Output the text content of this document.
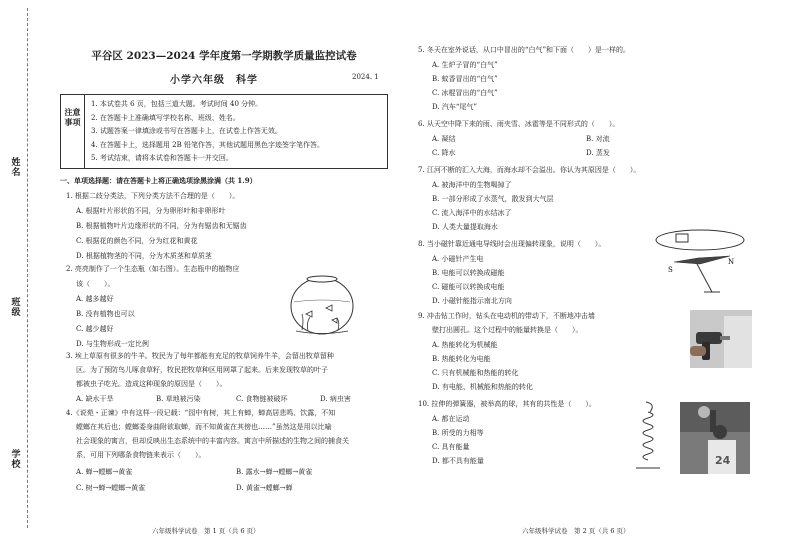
姓名
班级
学校
平谷区 2023—2024 学年度第一学期教学质量监控试卷
小学六年级　科学	2024. 1
注意事项
1. 本试卷共 6 页，包括三道大题。考试时间 40 分钟。
2. 在答题卡上准确填写学校名称、班级、姓名。
3. 试题答案一律填涂或书写在答题卡上，在试卷上作答无效。
4. 在答题卡上，选择题用 2B 铅笔作答，其他试题用黑色字迹签字笔作答。
5. 考试结束，请将本试卷和答题卡一并交回。
一、单项选择题：请在答题卡上将正确选项涂黑涂满（共 1.9）
1. 根据二歧分类法，下列分类方法不合理的是（　　）。
A. 根据叶片形状的不同，分为卵形叶和非卵形叶
B. 根据植物叶片边缘形状的不同，分为有锯齿和无锯齿
C. 根据花的颜色不同，分为红花和黄花
D. 根据植物茎的不同，分为木质茎和草质茎
2. 亮亮制作了一个生态瓶（如右图）。生态瓶中的植物应
该（　　）。
A. 越多越好
B. 没有植物也可以
C. 越少越好
D. 与生物形成一定比例
3. 埃上草原有很多的牛羊。牧民为了每年都能有充足的牧草饲养牛羊，会留出牧草留种
区。为了预防鸟儿啄食草籽，牧民把牧草种区用网罩了起来。后来发现牧草的叶子
都被虫子吃光。造成这种现象的原因是（　　）。
A. 缺水干旱	B. 草地被污染	C. 食物链被破坏	D. 病虫害
4.《说苑・正谏》中有这样一段记载：“园中有树，其上有蝉，蝉高居悲鸣、饮露，不知
螳螂在其后也；螳螂委身曲附欲取蝉，而不知黄雀在其傍也……”虽然这是用以比喻
社会现象的寓言，但却反映出生态系统中的丰富内容。寓言中所描述的生物之间的捕食关
系，可用下列哪条食物链来表示（　　）。
A. 蝉→螳螂→黄雀	B. 露水→蝉→螳螂→黄雀
C. 树→蝉→螳螂→黄雀	D. 黄雀→螳螂→蝉
六年级科学试卷　第 1 页（共 6 页）
5. 冬天在室外说话，从口中冒出的“白气”和下面（　　）是一样的。
A. 生炉子冒的“白气”
B. 蚊香冒出的“白气”
C. 冰棍冒出的“白气”
D. 汽车“尾气”
6. 从天空中降下来的雨、雨夹雪、冰雹等是不同形式的（　　）。
A. 凝结	B. 对流
C. 降水	D. 蒸发
7. 江河不断的汇入大海，而海水却不会溢出。你认为其原因是（　　）。
A. 被海洋中的生物喝掉了
B. 一部分形成了水蒸气，散发到大气层
C. 流入海洋中的水结冰了
D. 人类大量提取海水
8. 当小磁针靠近通电导线时会出现偏转现象，说明（　　）。
A. 小磁针产生电
B. 电能可以转换成磁能
C. 磁能可以转换成电能
D. 小磁针能指示南北方向
S
N
9. 冲击钻工作时，钻头在电动机的带动下，不断地冲击墙
壁打出圆孔。这个过程中的能量转换是（　　）。
A. 热能转化为机械能
B. 热能转化为电能
C. 只有机械能和热能的转化
D. 有电能、机械能和热能的转化
10. 拉伸的弹簧器，被举高的球，其有的共性是（　　）。
A. 都在运动
B. 所受的力相等
C. 具有能量
D. 都不具有能量	24
六年级科学试卷　第 2 页（共 6 页）
